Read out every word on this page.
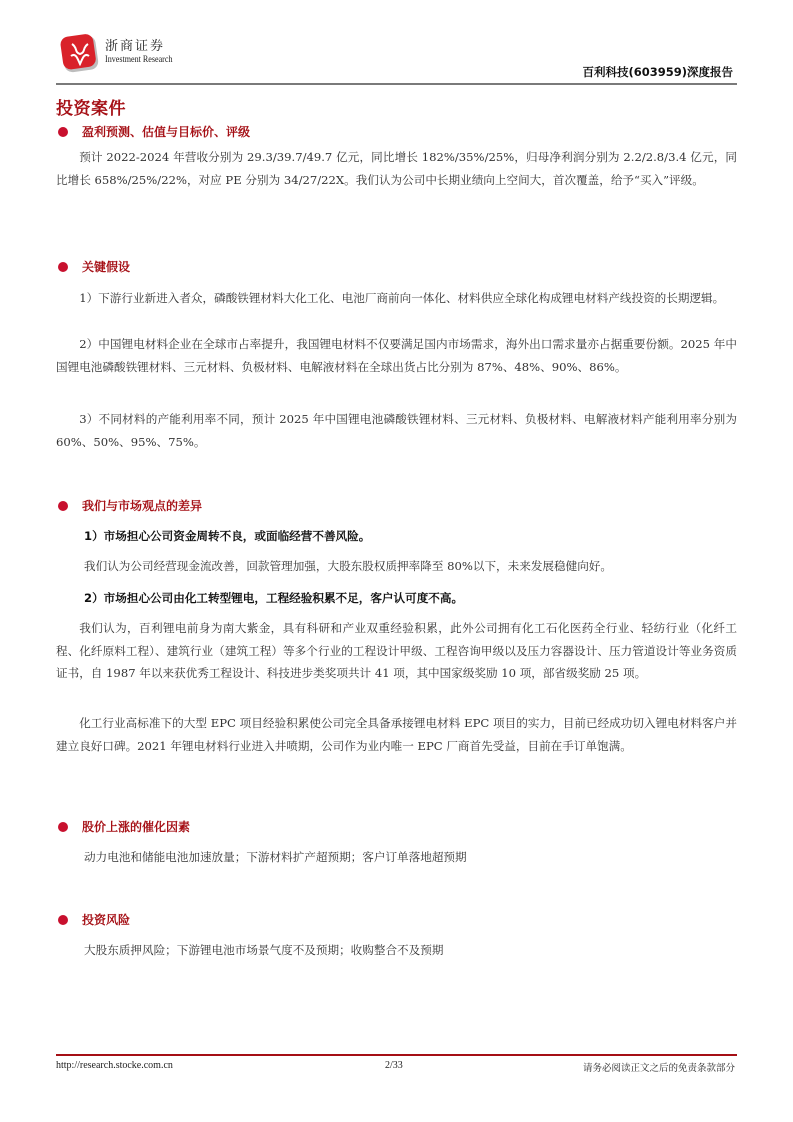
浙商证券
Investment Research
百利科技(603959)深度报告
投资案件
盈利预测、估值与目标价、评级
预计 2022-2024 年营收分别为 29.3/39.7/49.7 亿元，同比增长 182%/35%/25%，归母净利润分别为 2.2/2.8/3.4 亿元，同比增长 658%/25%/22%，对应 PE 分别为 34/27/22X。我们认为公司中长期业绩向上空间大，首次覆盖，给予“买入”评级。
关键假设
1）下游行业新进入者众，磷酸铁锂材料大化工化、电池厂商前向一体化、材料供应全球化构成锂电材料产线投资的长期逻辑。
2）中国锂电材料企业在全球市占率提升，我国锂电材料不仅要满足国内市场需求，海外出口需求量亦占据重要份额。2025 年中国锂电池磷酸铁锂材料、三元材料、负极材料、电解液材料在全球出货占比分别为 87%、48%、90%、86%。
3）不同材料的产能利用率不同，预计 2025 年中国锂电池磷酸铁锂材料、三元材料、负极材料、电解液材料产能利用率分别为 60%、50%、95%、75%。
我们与市场观点的差异
1）市场担心公司资金周转不良，或面临经营不善风险。
我们认为公司经营现金流改善，回款管理加强，大股东股权质押率降至 80%以下，未来发展稳健向好。
2）市场担心公司由化工转型锂电，工程经验积累不足，客户认可度不高。
我们认为，百利锂电前身为南大紫金，具有科研和产业双重经验积累，此外公司拥有化工石化医药全行业、轻纺行业（化纤工程、化纤原料工程）、建筑行业（建筑工程）等多个行业的工程设计甲级、工程咨询甲级以及压力容器设计、压力管道设计等业务资质证书，自 1987 年以来获优秀工程设计、科技进步类奖项共计 41 项，其中国家级奖励 10 项，部省级奖励 25 项。
化工行业高标准下的大型 EPC 项目经验积累使公司完全具备承接锂电材料 EPC 项目的实力，目前已经成功切入锂电材料客户并建立良好口碑。2021 年锂电材料行业进入井喷期，公司作为业内唯一 EPC 厂商首先受益，目前在手订单饱满。
股价上涨的催化因素
动力电池和储能电池加速放量；下游材料扩产超预期；客户订单落地超预期
投资风险
大股东质押风险；下游锂电池市场景气度不及预期；收购整合不及预期
http://research.stocke.com.cn	2/33	请务必阅读正文之后的免责条款部分
